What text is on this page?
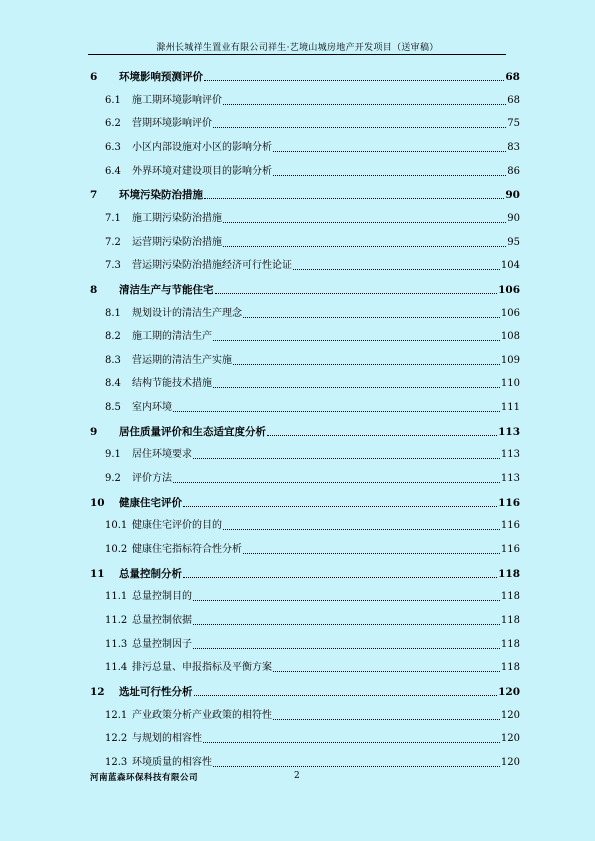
滁州长城祥生置业有限公司祥生·艺境山城房地产开发项目（送审稿）
6 环境影响预测评价	68
6.1 施工期环境影响评价	68
6.2 营期环境影响评价	75
6.3 小区内部设施对小区的影响分析	83
6.4 外界环境对建设项目的影响分析	86
7 环境污染防治措施	90
7.1 施工期污染防治措施	90
7.2 运营期污染防治措施	95
7.3 营运期污染防治措施经济可行性论证	104
8 清洁生产与节能住宅	106
8.1 规划设计的清洁生产理念	106
8.2 施工期的清洁生产	108
8.3 营运期的清洁生产实施	109
8.4 结构节能技术措施	110
8.5 室内环境	111
9 居住质量评价和生态适宜度分析	113
9.1 居住环境要求	113
9.2 评价方法	113
10 健康住宅评价	116
10.1 健康住宅评价的目的	116
10.2 健康住宅指标符合性分析	116
11 总量控制分析	118
11.1 总量控制目的	118
11.2 总量控制依据	118
11.3 总量控制因子	118
11.4 排污总量、申报指标及平衡方案	118
12 选址可行性分析	120
12.1 产业政策分析产业政策的相符性	120
12.2 与规划的相容性	120
12.3 环境质量的相容性	120
河南蓝森环保科技有限公司	2
